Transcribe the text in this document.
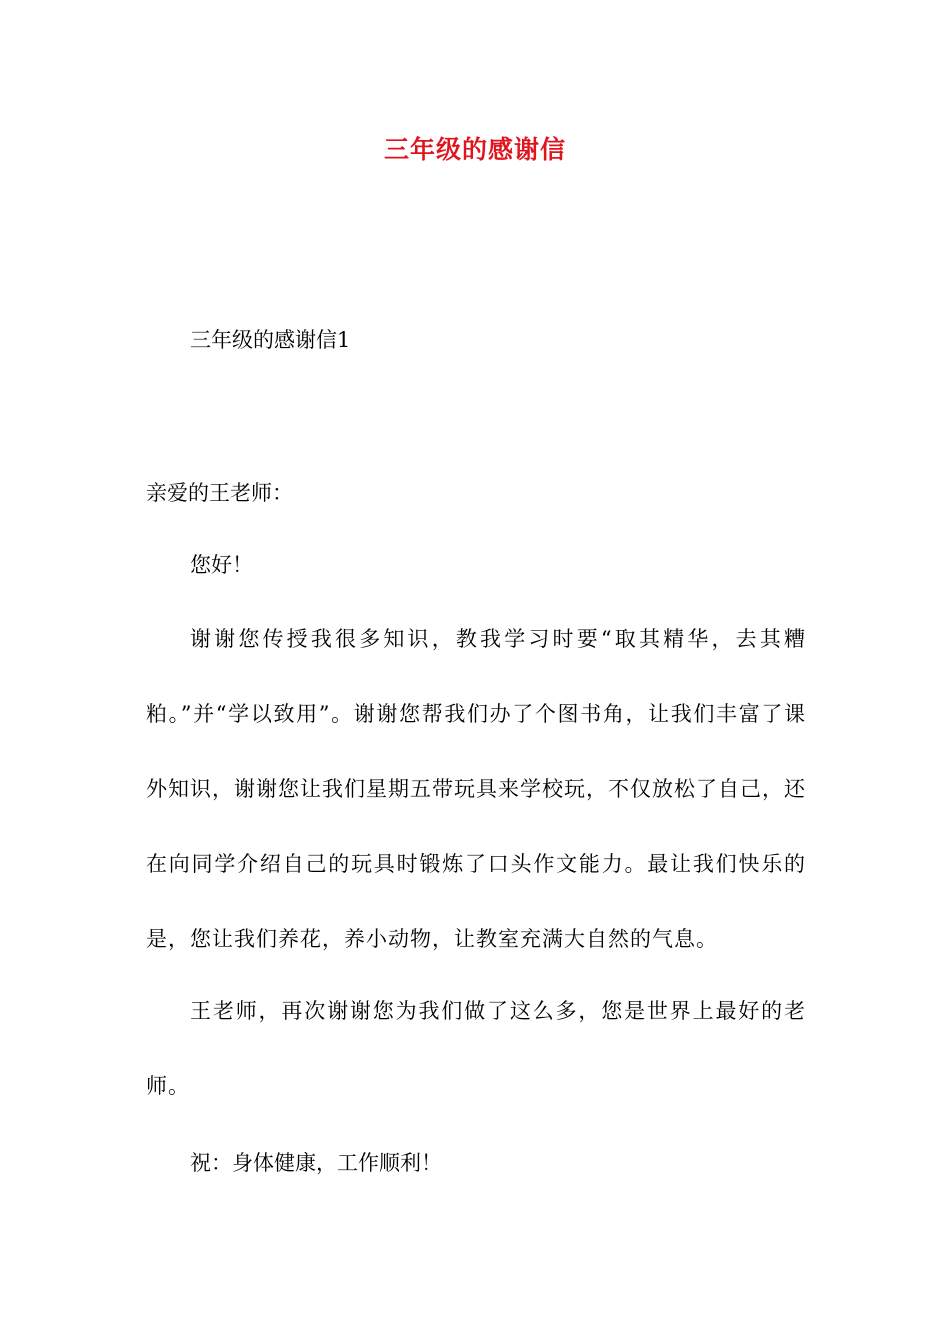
三年级的感谢信

三年级的感谢信1

亲爱的王老师：

您好！

谢谢您传授我很多知识，教我学习时要“取其精华，去其糟粕。”并“学以致用”。谢谢您帮我们办了个图书角，让我们丰富了课外知识，谢谢您让我们星期五带玩具来学校玩，不仅放松了自己，还在向同学介绍自己的玩具时锻炼了口头作文能力。最让我们快乐的是，您让我们养花，养小动物，让教室充满大自然的气息。

王老师，再次谢谢您为我们做了这么多，您是世界上最好的老师。

祝：身体健康，工作顺利！
